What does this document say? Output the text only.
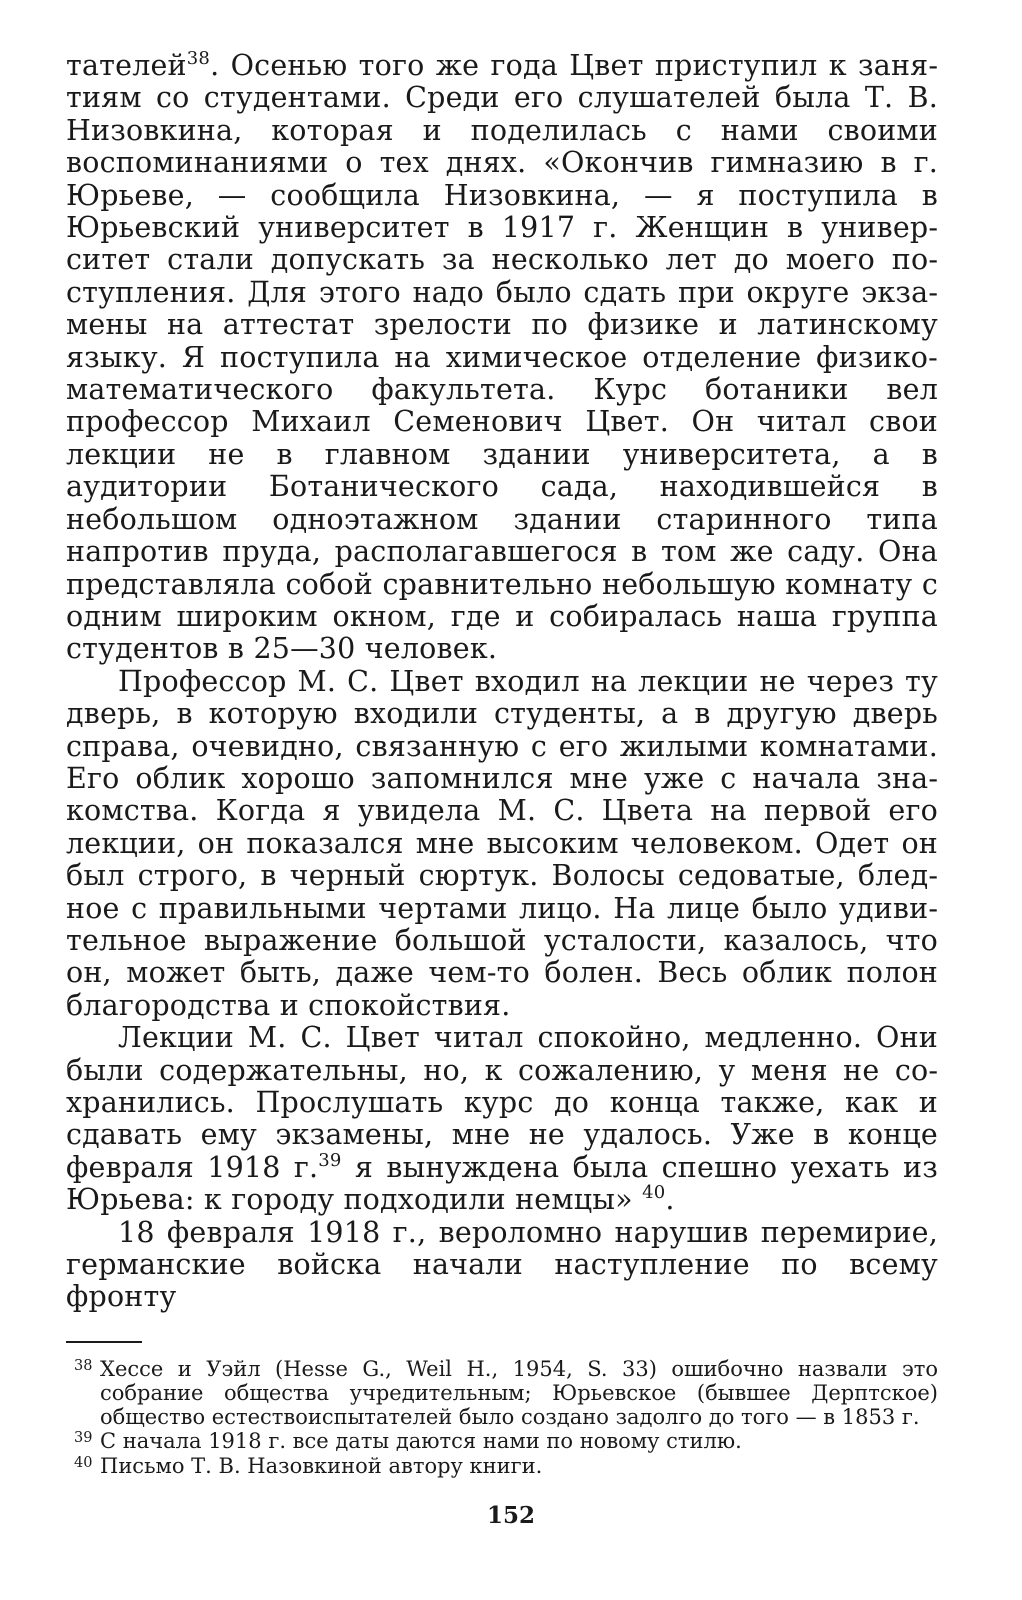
тателей$^{38}$. Осенью того же года Цвет приступил к занятиям со студентами. Среди его слушателей была Т. В. Низовкина, которая и поделилась с нами своими воспоминаниями о тех днях. «Окончив гимназию в г. Юрьеве, — сообщила Низовкина, — я поступила в Юрьевский университет в 1917 г. Женщин в университет стали допускать за несколько лет до моего поступления. Для этого надо было сдать при округе экзамены на аттестат зрелости по физике и латинскому языку. Я поступила на химическое отделение физико-математического факультета. Курс ботаники вел профессор Михаил Семенович Цвет. Он читал свои лекции не в главном здании университета, а в аудитории Ботанического сада, находившейся в небольшом одноэтажном здании старинного типа напротив пруда, располагавшегося в том же саду. Она представляла собой сравнительно небольшую комнату с одним широким окном, где и собиралась наша группа студентов в 25—30 человек.

Профессор М. С. Цвет входил на лекции не через ту дверь, в которую входили студенты, а в другую дверь справа, очевидно, связанную с его жилыми комнатами. Его облик хорошо запомнился мне уже с начала знакомства. Когда я увидела М. С. Цвета на первой его лекции, он показался мне высоким человеком. Одет он был строго, в черный сюртук. Волосы седоватые, бледное с правильными чертами лицо. На лице было удивительное выражение большой усталости, казалось, что он, может быть, даже чем-то болен. Весь облик полон благородства и спокойствия.

Лекции М. С. Цвет читал спокойно, медленно. Они были содержательны, но, к сожалению, у меня не сохранились. Прослушать курс до конца также, как и сдавать ему экзамены, мне не удалось. Уже в конце февраля 1918 г.$^{39}$ я вынуждена была спешно уехать из Юрьева: к городу подходили немцы» $^{40}$.

18 февраля 1918 г., вероломно нарушив перемирие, германские войска начали наступление по всему фронту

38 Хессе и Уэйл (Hesse G., Weil H., 1954, S. 33) ошибочно назвали это собрание общества учредительным; Юрьевское (бывшее Дерптское) общество естествоиспытателей было создано задолго до того — в 1853 г.

39 С начала 1918 г. все даты даются нами по новому стилю.

40 Письмо Т. В. Назовкиной автору книги.

152
